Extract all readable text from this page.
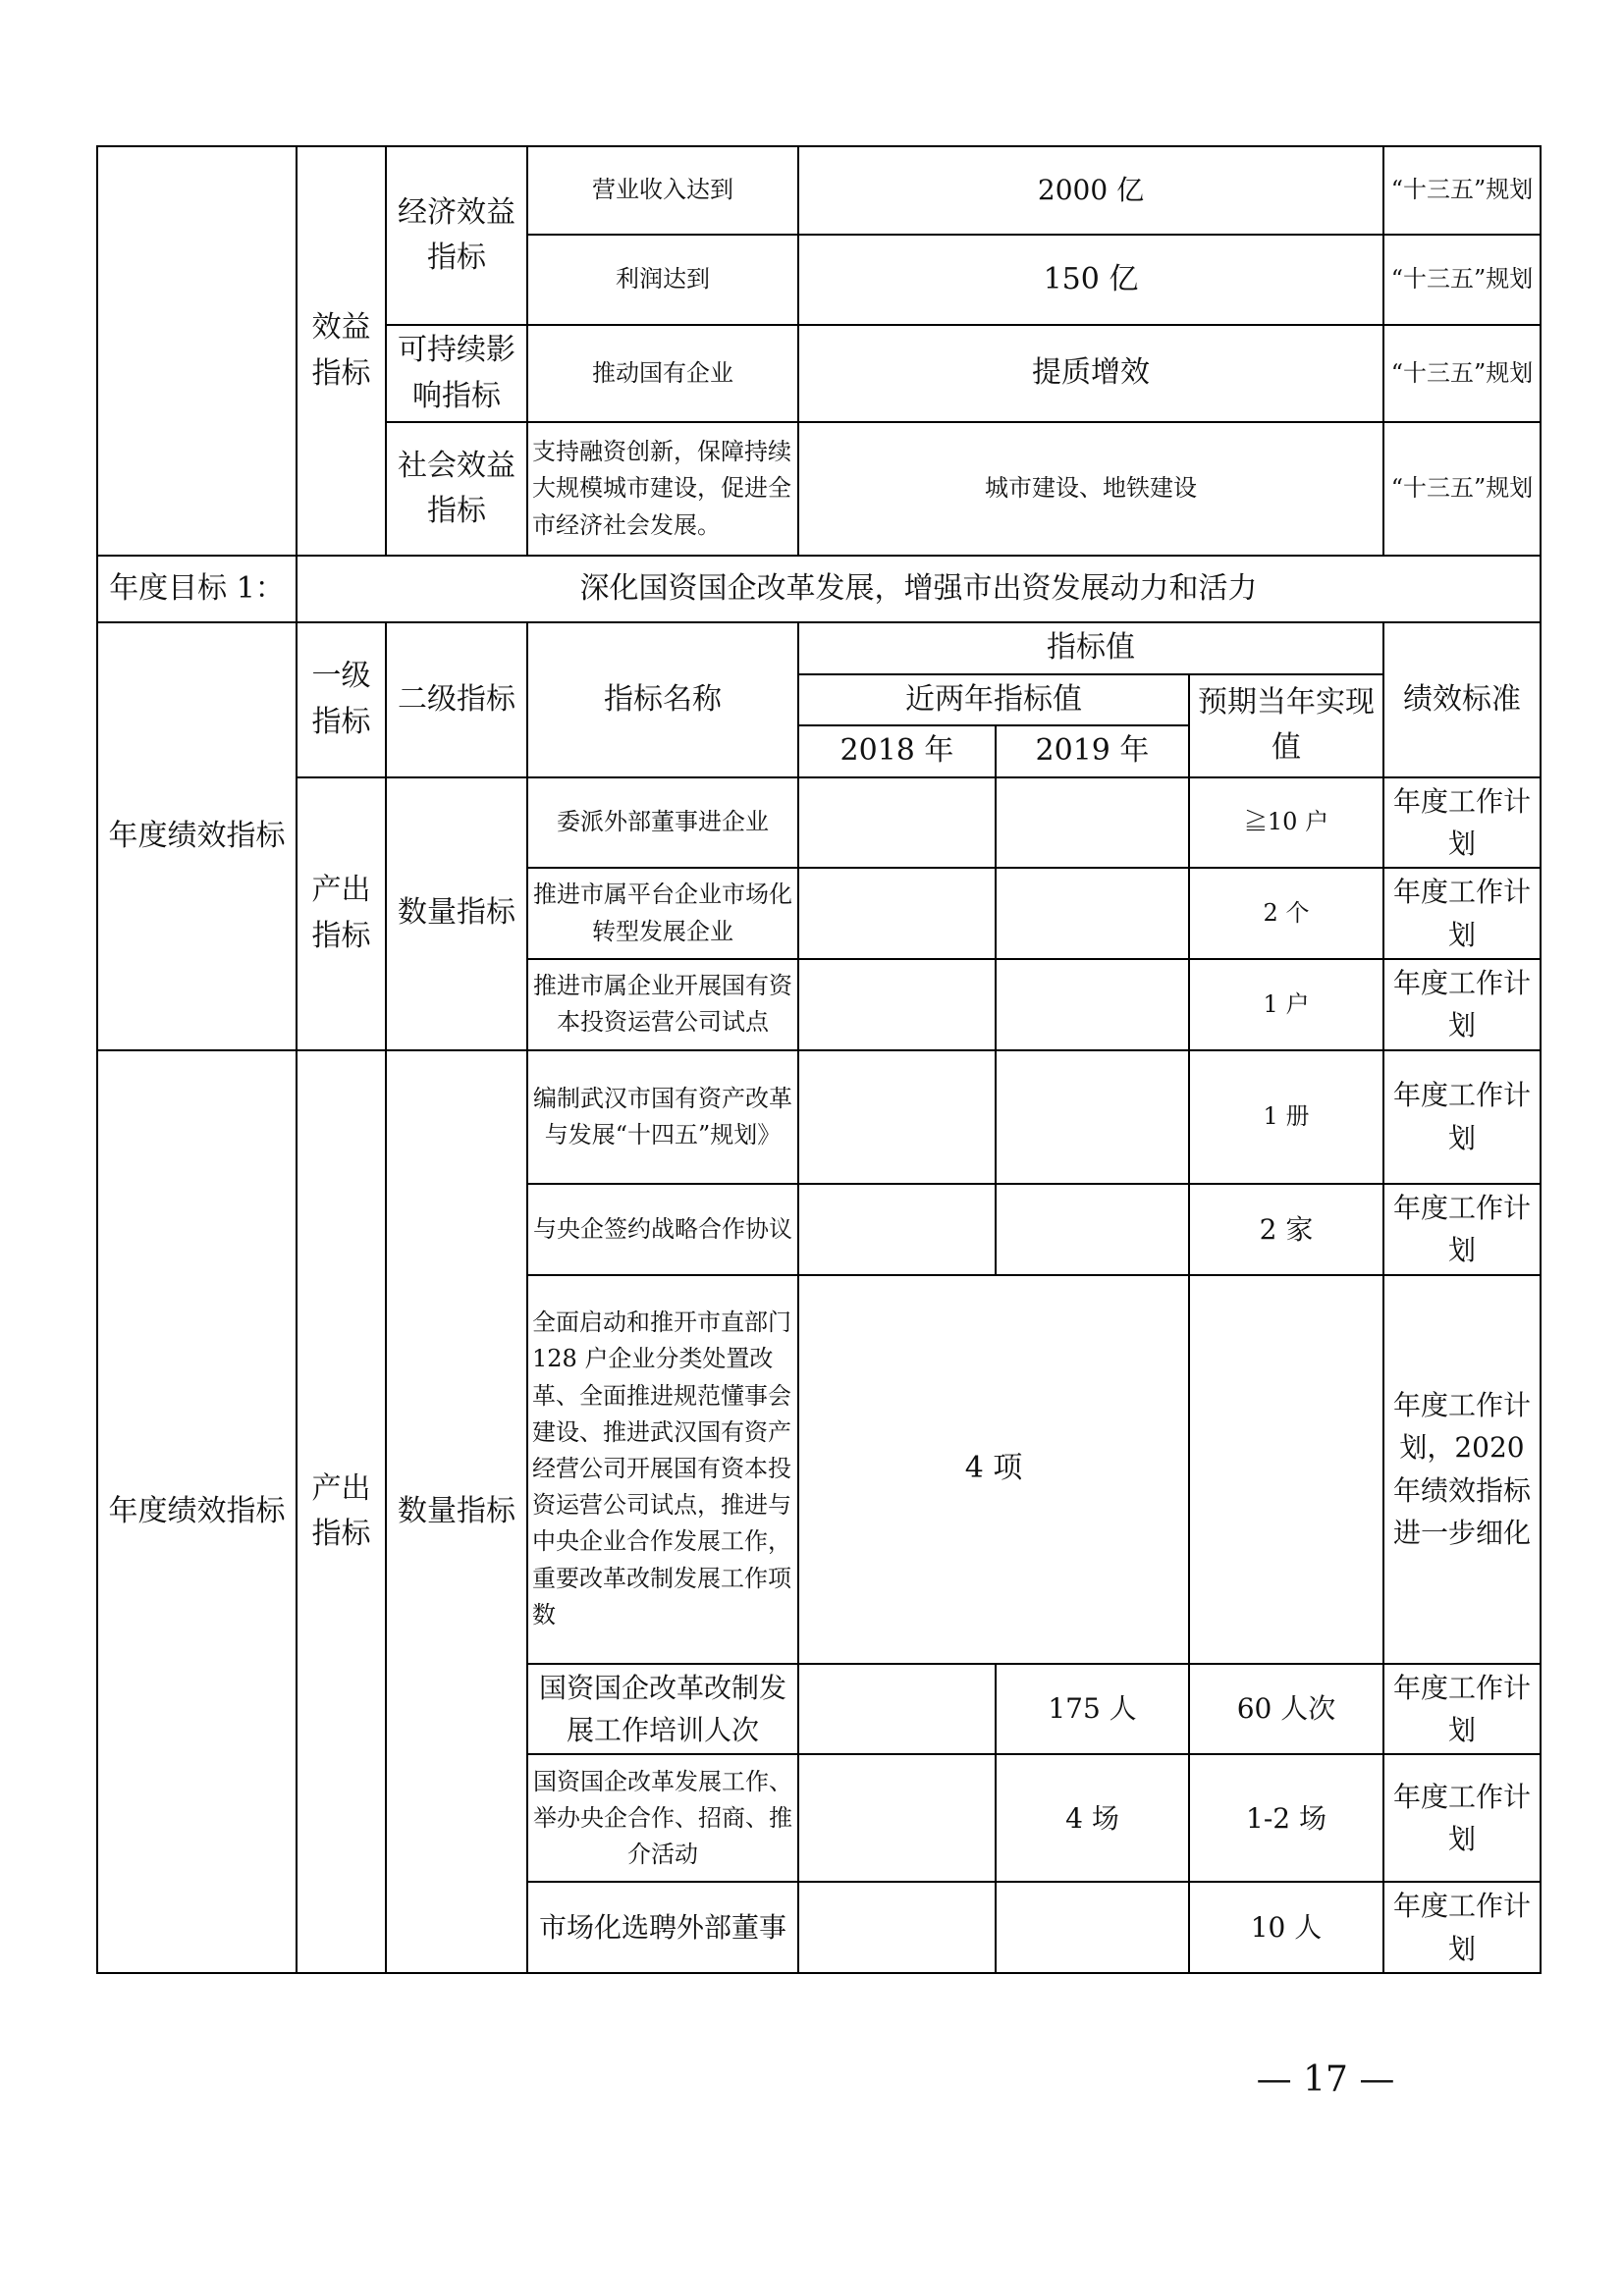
	效益指标	经济效益指标	营业收入达到	2000 亿			“十三五”规划
			利润达到	150 亿			“十三五”规划
		可持续影响指标	推动国有企业	提质增效			“十三五”规划
		社会效益指标	支持融资创新，保障持续大规模城市建设，促进全市经济社会发展。	城市建设、地铁建设			“十三五”规划
年度目标 1：	深化国资国企改革发展，增强市出资发展动力和活力						
年度绩效指标	一级指标	二级指标	指标名称	指标值			绩效标准
				近两年指标值		预期当年实现值	
				2018 年	2019 年		
	产出指标	数量指标	委派外部董事进企业			≧10 户	年度工作计划
			推进市属平台企业市场化转型发展企业			2 个	年度工作计划
			推进市属企业开展国有资本投资运营公司试点			1 户	年度工作计划
年度绩效指标	产出指标	数量指标	编制武汉市国有资产改革与发展“十四五”规划》			1 册	年度工作计划
			与央企签约战略合作协议			2 家	年度工作计划
			全面启动和推开市直部门 128 户企业分类处置改革、全面推进规范懂事会建设、推进武汉国有资产经营公司开展国有资本投资运营公司试点，推进与中央企业合作发展工作，重要改革改制发展工作项数	4 项			年度工作计划，2020 年绩效指标进一步细化
			国资国企改革改制发展工作培训人次		175 人	60 人次	年度工作计划
			国资国企改革发展工作、举办央企合作、招商、推介活动		4 场	1-2 场	年度工作计划
			市场化选聘外部董事			10 人	年度工作计划
— 17 —
